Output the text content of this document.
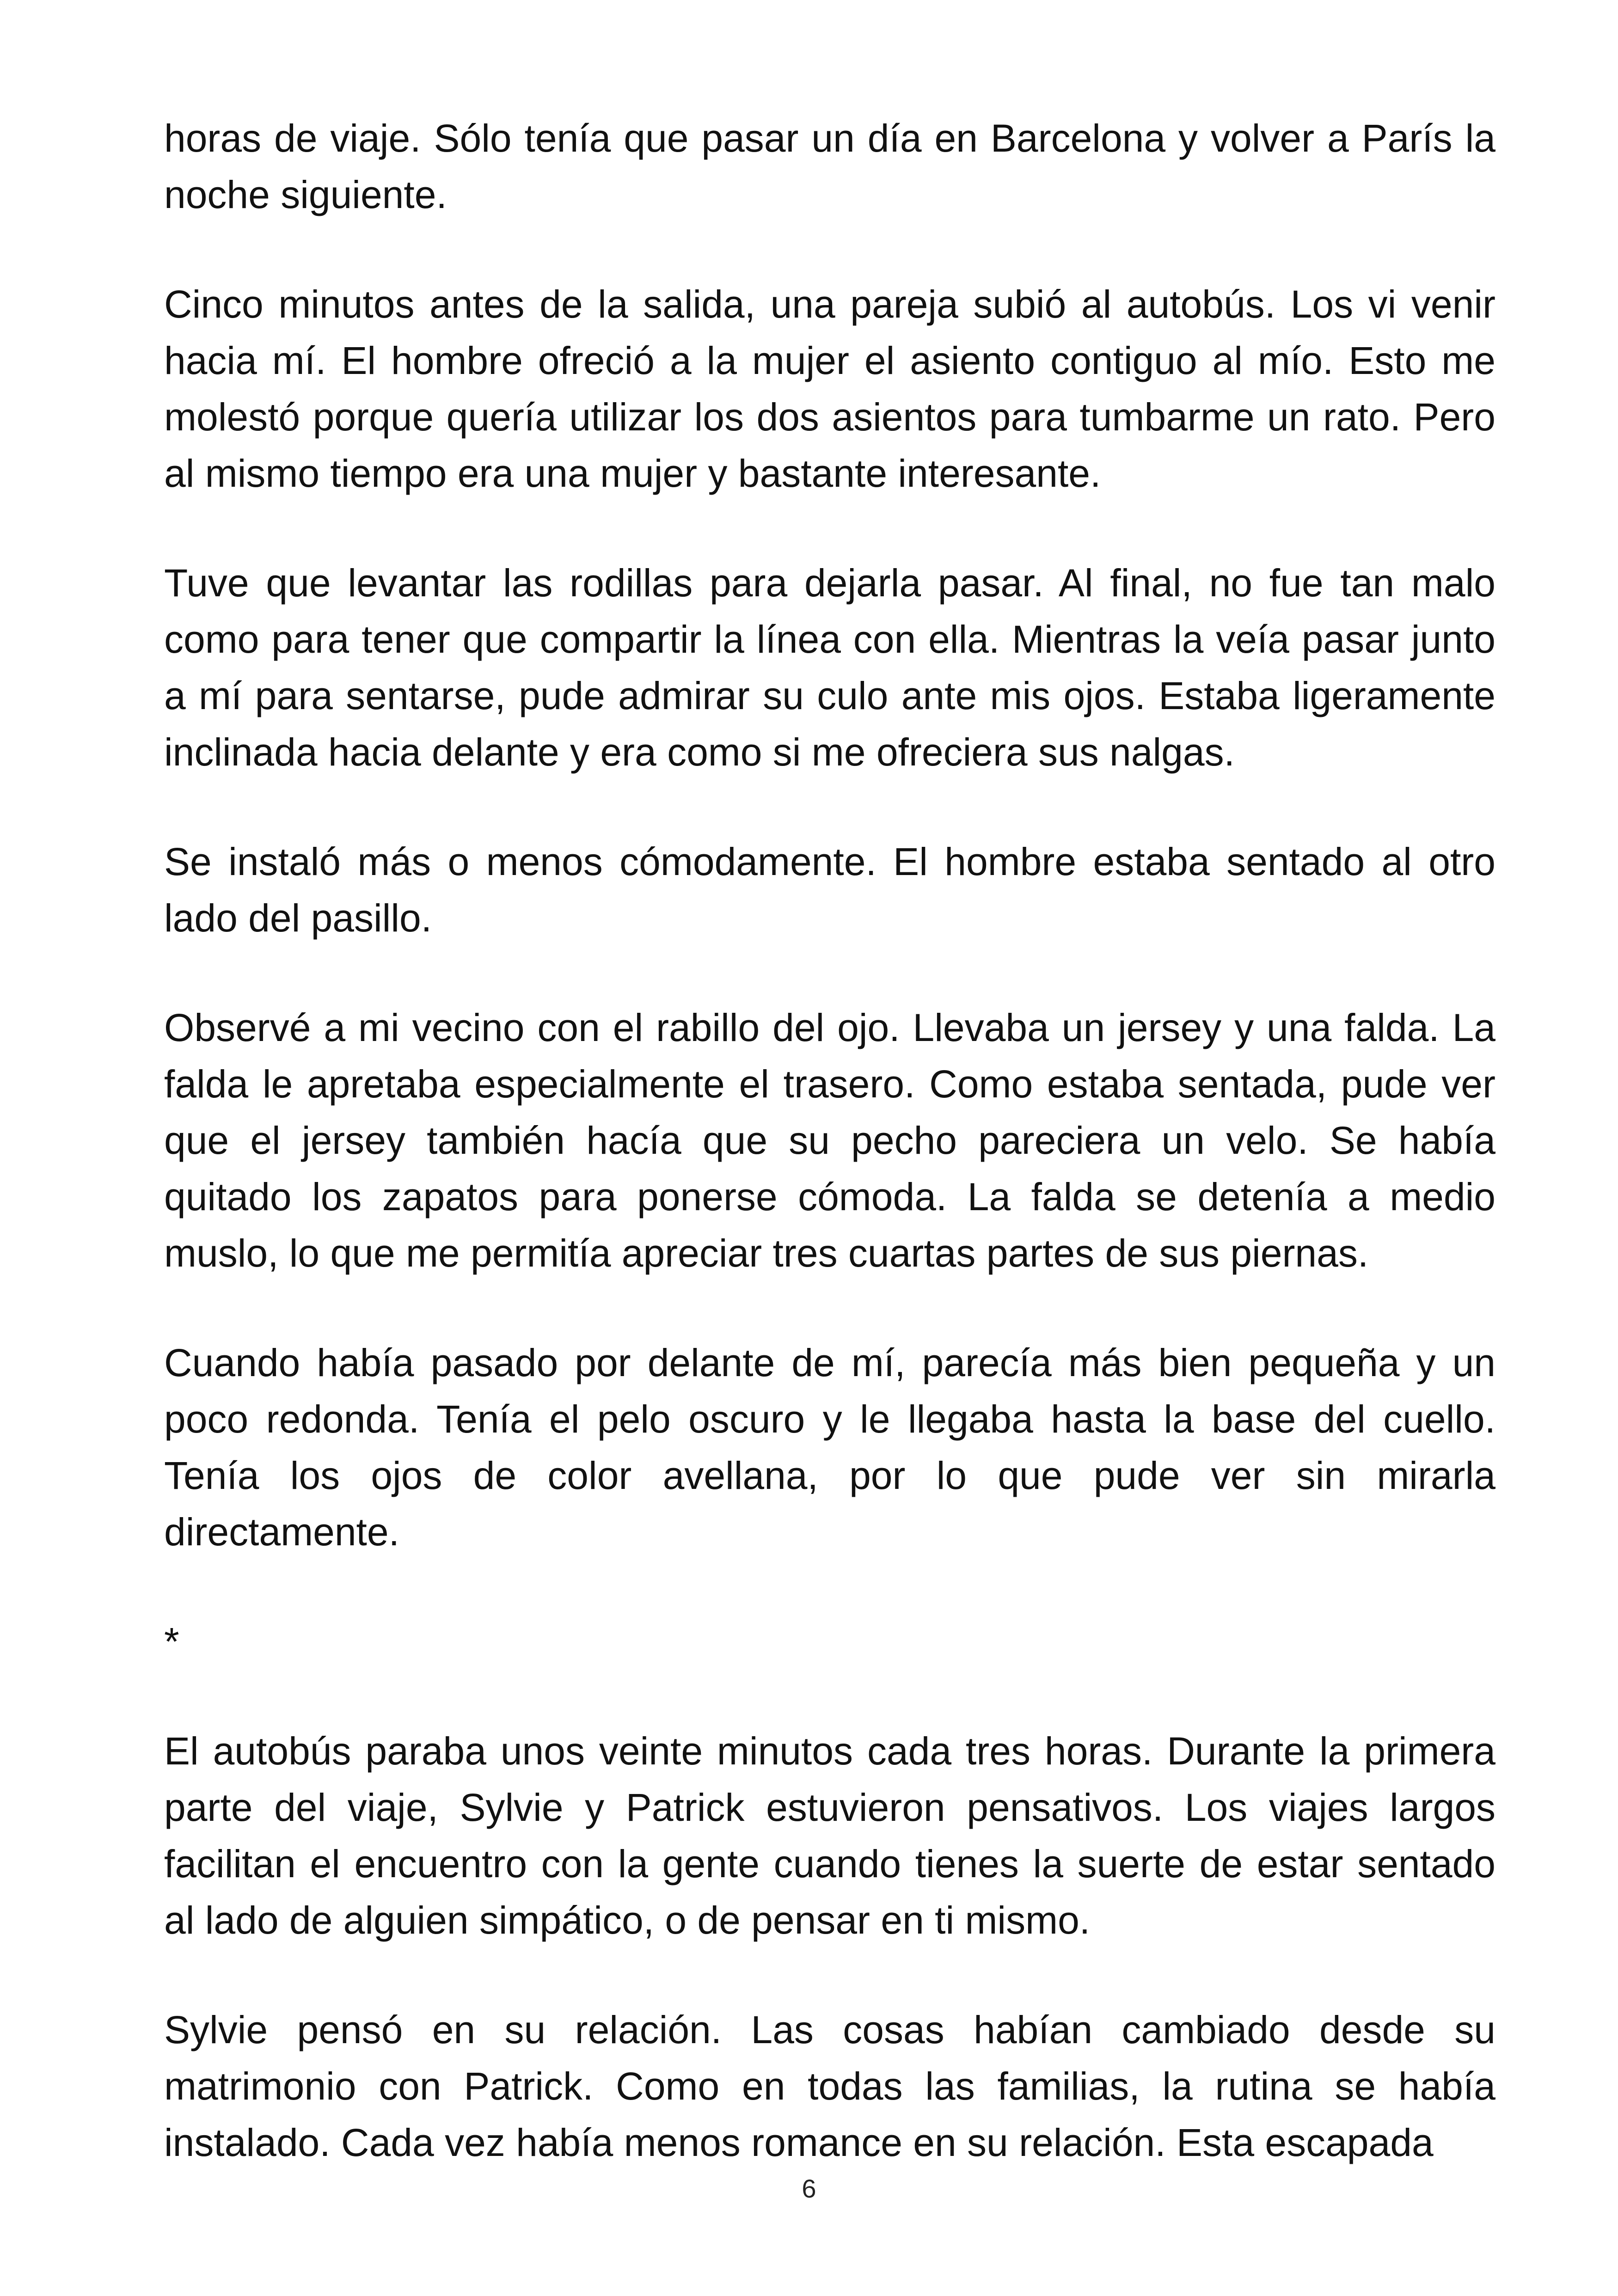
horas de viaje. Sólo tenía que pasar un día en Barcelona y volver a París la noche siguiente.

Cinco minutos antes de la salida, una pareja subió al autobús. Los vi venir hacia mí. El hombre ofreció a la mujer el asiento contiguo al mío. Esto me molestó porque quería utilizar los dos asientos para tumbarme un rato. Pero al mismo tiempo era una mujer y bastante interesante.

Tuve que levantar las rodillas para dejarla pasar. Al final, no fue tan malo como para tener que compartir la línea con ella. Mientras la veía pasar junto a mí para sentarse, pude admirar su culo ante mis ojos. Estaba ligeramente inclinada hacia delante y era como si me ofreciera sus nalgas.

Se instaló más o menos cómodamente. El hombre estaba sentado al otro lado del pasillo.

Observé a mi vecino con el rabillo del ojo. Llevaba un jersey y una falda. La falda le apretaba especialmente el trasero. Como estaba sentada, pude ver que el jersey también hacía que su pecho pareciera un velo. Se había quitado los zapatos para ponerse cómoda. La falda se detenía a medio muslo, lo que me permitía apreciar tres cuartas partes de sus piernas.

Cuando había pasado por delante de mí, parecía más bien pequeña y un poco redonda. Tenía el pelo oscuro y le llegaba hasta la base del cuello. Tenía los ojos de color avellana, por lo que pude ver sin mirarla directamente.

*

El autobús paraba unos veinte minutos cada tres horas. Durante la primera parte del viaje, Sylvie y Patrick estuvieron pensativos. Los viajes largos facilitan el encuentro con la gente cuando tienes la suerte de estar sentado al lado de alguien simpático, o de pensar en ti mismo.

Sylvie pensó en su relación. Las cosas habían cambiado desde su matrimonio con Patrick. Como en todas las familias, la rutina se había instalado. Cada vez había menos romance en su relación. Esta escapada

6
